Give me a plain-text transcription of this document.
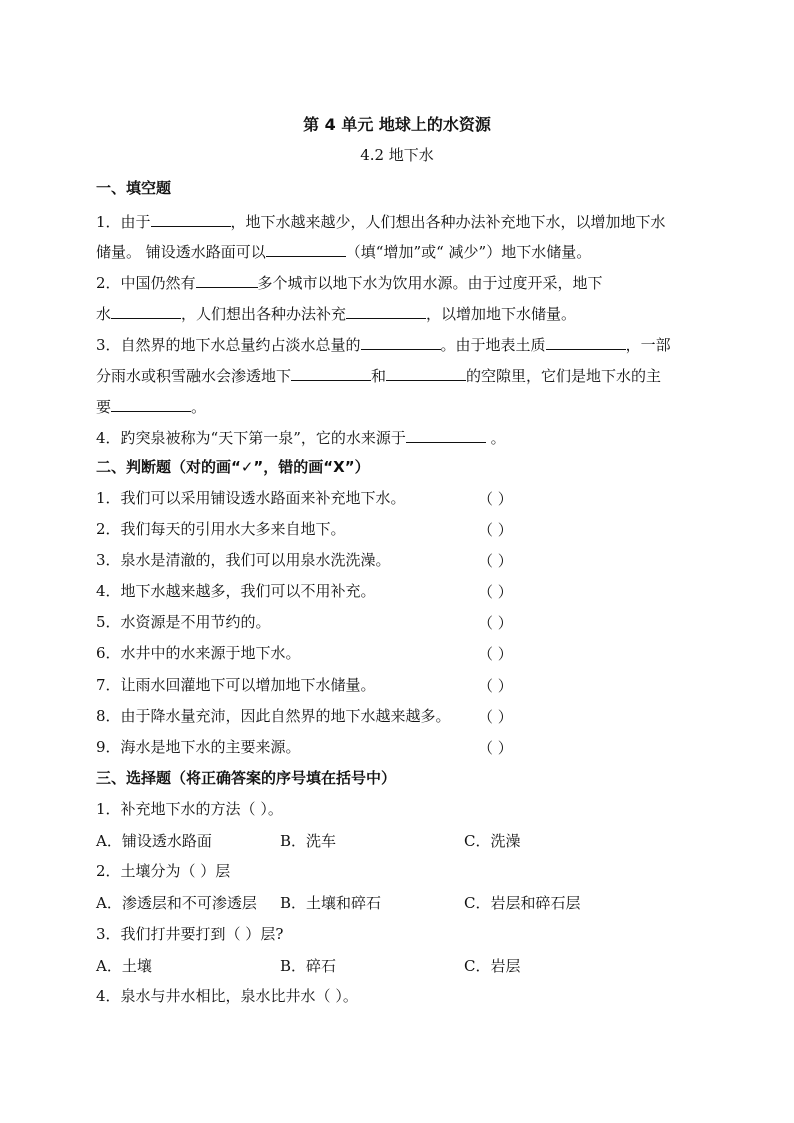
第 4 单元 地球上的水资源
4.2 地下水
一、填空题
1．由于	，地下水越来越少，人们想出各种办法补充地下水，以增加地下水
储量。 铺设透水路面可以	（填“增加”或“ 减少”）地下水储量。
2．中国仍然有	多个城市以地下水为饮用水源。由于过度开采，地下
水	，人们想出各种办法补充	，以增加地下水储量。
3．自然界的地下水总量约占淡水总量的	。由于地表土质	，一部
分雨水或积雪融水会渗透地下	和	的空隙里，它们是地下水的主
要	。
4．趵突泉被称为“天下第一泉”，它的水来源于	。
二、判断题（对的画“✓”，错的画“X”）
1．我们可以采用铺设透水路面来补充地下水。	（ ）
2．我们每天的引用水大多来自地下。	（ ）
3．泉水是清澈的，我们可以用泉水洗洗澡。	（ ）
4．地下水越来越多，我们可以不用补充。	（ ）
5．水资源是不用节约的。	（ ）
6．水井中的水来源于地下水。	（ ）
7．让雨水回灌地下可以增加地下水储量。	（ ）
8．由于降水量充沛，因此自然界的地下水越来越多。 （ ）
9．海水是地下水的主要来源。	（ ）
三、选择题（将正确答案的序号填在括号中）
1．补充地下水的方法（ ）。
A．铺设透水路面	B．洗车	C．洗澡
2．土壤分为（ ）层
A．渗透层和不可渗透层 B．土壤和碎石	C．岩层和碎石层
3．我们打井要打到（ ）层?
A．土壤	B．碎石	C．岩层
4．泉水与井水相比，泉水比井水（ ）。
